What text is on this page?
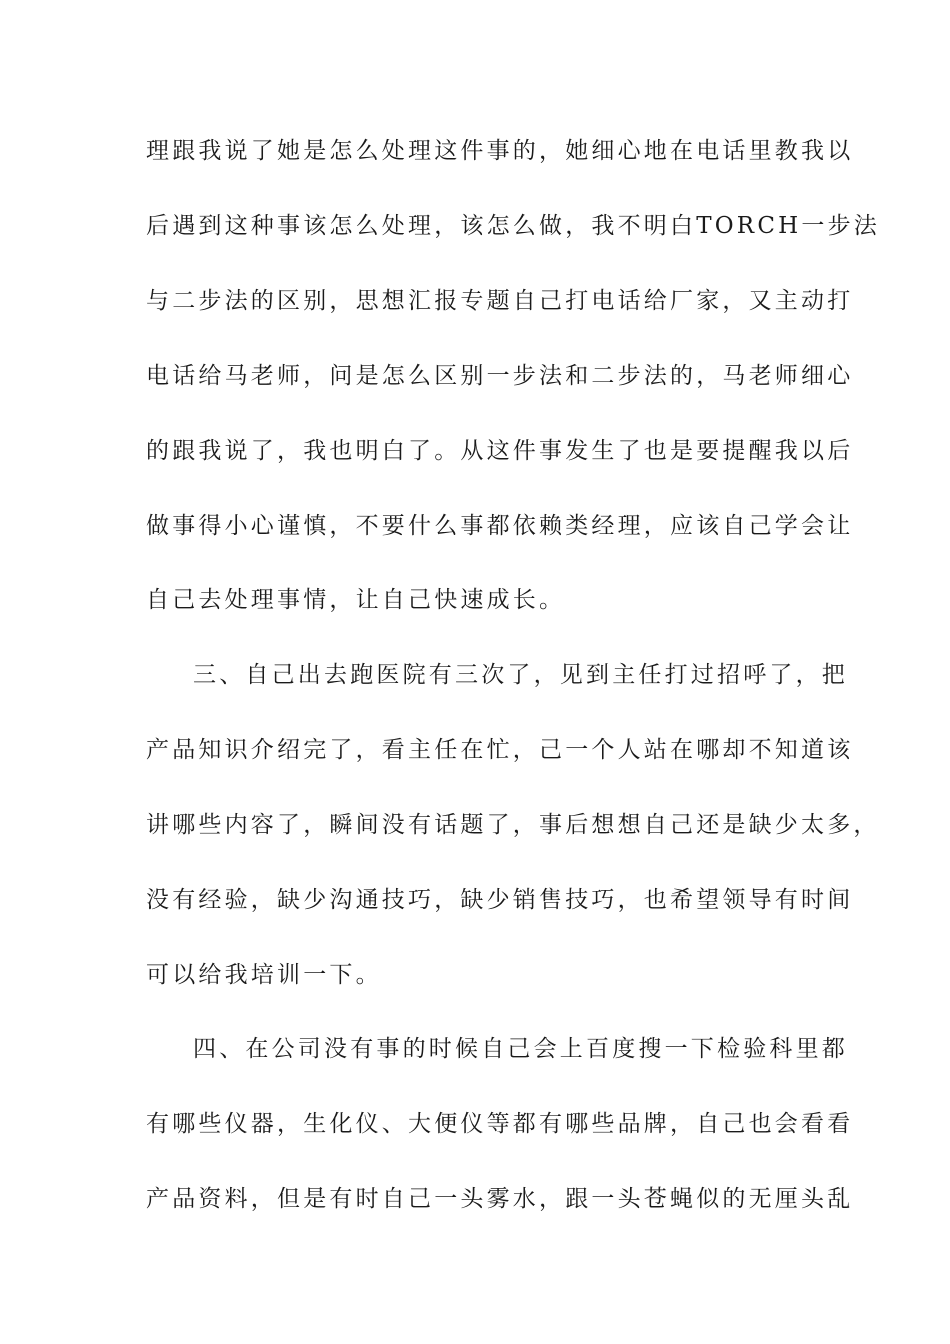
理跟我说了她是怎么处理这件事的，她细心地在电话里教我以
后遇到这种事该怎么处理，该怎么做，我不明白TORCH一步法
与二步法的区别，思想汇报专题自己打电话给厂家，又主动打
电话给马老师，问是怎么区别一步法和二步法的，马老师细心
的跟我说了，我也明白了。从这件事发生了也是要提醒我以后
做事得小心谨慎，不要什么事都依赖类经理，应该自己学会让
自己去处理事情，让自己快速成长。
三、自己出去跑医院有三次了，见到主任打过招呼了，把
产品知识介绍完了，看主任在忙，己一个人站在哪却不知道该
讲哪些内容了，瞬间没有话题了，事后想想自己还是缺少太多，
没有经验，缺少沟通技巧，缺少销售技巧，也希望领导有时间
可以给我培训一下。
四、在公司没有事的时候自己会上百度搜一下检验科里都
有哪些仪器，生化仪、大便仪等都有哪些品牌，自己也会看看
产品资料，但是有时自己一头雾水，跟一头苍蝇似的无厘头乱
